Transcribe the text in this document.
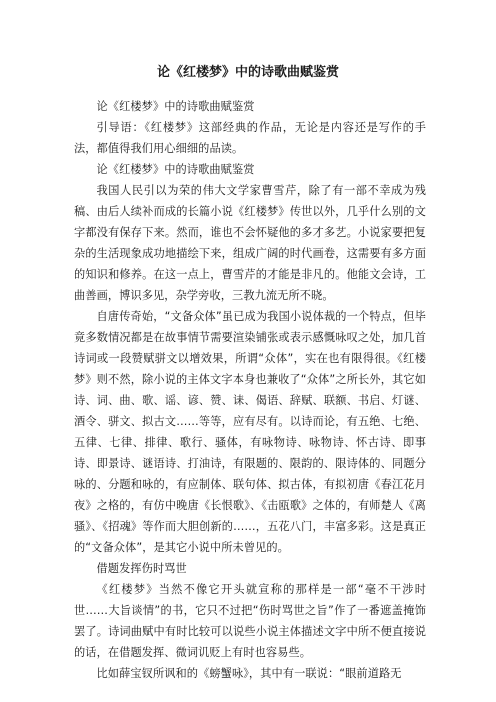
论《红楼梦》中的诗歌曲赋鉴赏

论《红楼梦》中的诗歌曲赋鉴赏

引导语：《红楼梦》这部经典的作品，无论是内容还是写作的手法，都值得我们用心细细的品读。

论《红楼梦》中的诗歌曲赋鉴赏

我国人民引以为荣的伟大文学家曹雪芹，除了有一部不幸成为残稿、由后人续补而成的长篇小说《红楼梦》传世以外，几乎什么别的文字都没有保存下来。然而，谁也不会怀疑他的多才多艺。小说家要把复杂的生活现象成功地描绘下来，组成广阔的时代画卷，这需要有多方面的知识和修养。在这一点上，曹雪芹的才能是非凡的。他能文会诗，工曲善画，博识多见，杂学旁收，三教九流无所不晓。

自唐传奇始，“文备众体”虽已成为我国小说体裁的一个特点，但毕竟多数情况都是在故事情节需要渲染铺张或表示感慨咏叹之处，加几首诗词或一段赞赋骈文以增效果，所谓“众体”，实在也有限得很。《红楼梦》则不然，除小说的主体文字本身也兼收了“众体”之所长外，其它如诗、词、曲、歌、谣、谚、赞、诔、偈语、辞赋、联额、书启、灯谜、酒令、骈文、拟古文……等等，应有尽有。以诗而论，有五绝、七绝、五律、七律、排律、歌行、骚体，有咏物诗、咏物诗、怀古诗、即事诗、即景诗、谜语诗、打油诗，有限题的、限韵的、限诗体的、同题分咏的、分题和咏的，有应制体、联句体、拟古体，有拟初唐《春江花月夜》之格的，有仿中晚唐《长恨歌》、《击瓯歌》之体的，有师楚人《离骚》、《招魂》等作而大胆创新的……，五花八门，丰富多彩。这是真正的“文备众体”，是其它小说中所未曾见的。

借题发挥伤时骂世

《红楼梦》当然不像它开头就宣称的那样是一部“毫不干涉时世……大旨谈情”的书，它只不过把“伤时骂世之旨”作了一番遮盖掩饰罢了。诗词曲赋中有时比较可以说些小说主体描述文字中所不便直接说的话，在借题发挥、微词讥贬上有时也容易些。

比如薛宝钗所讽和的《螃蟹咏》，其中有一联说：“眼前道路无
